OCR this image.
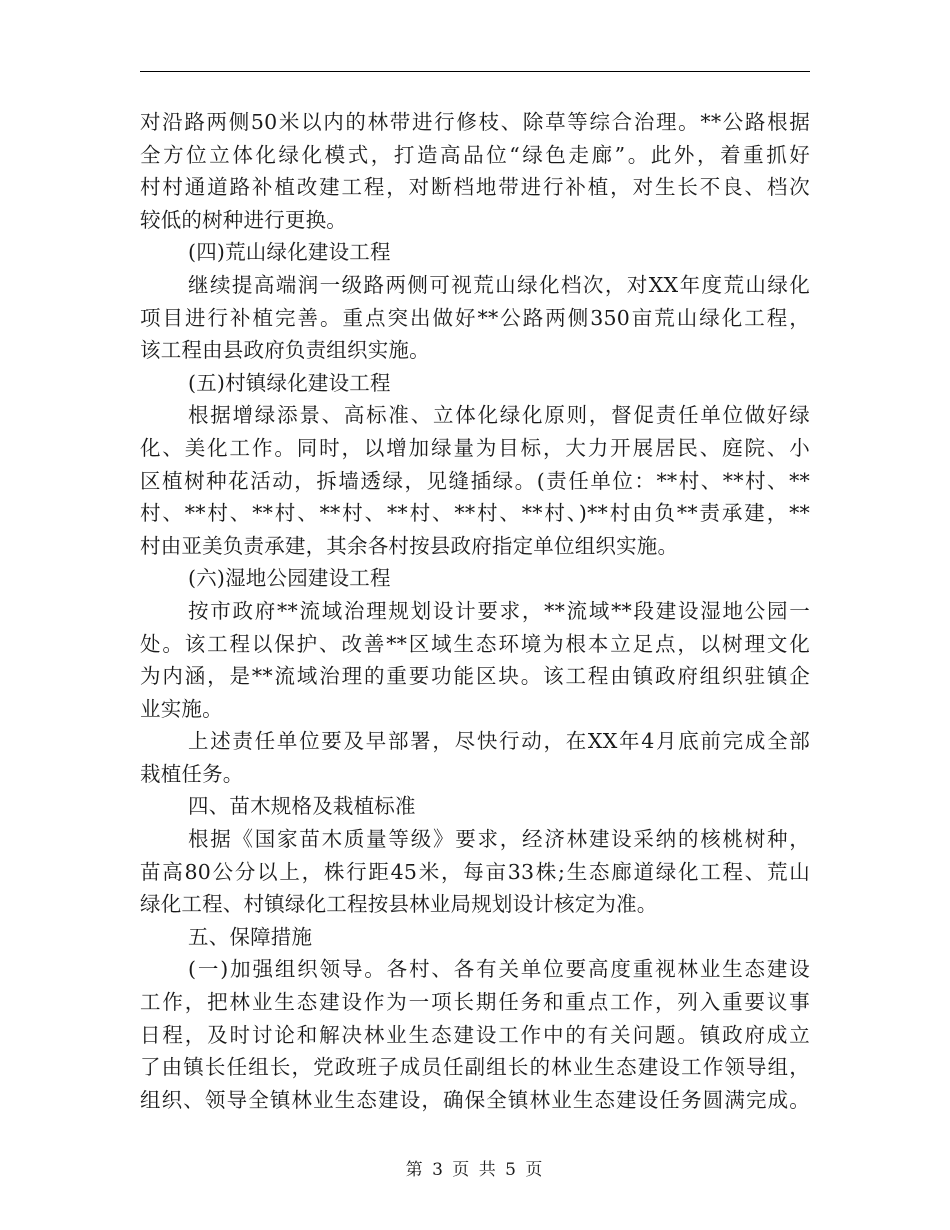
对沿路两侧50米以内的林带进行修枝、除草等综合治理。**公路根据
全方位立体化绿化模式，打造高品位“绿色走廊”。此外，着重抓好
村村通道路补植改建工程，对断档地带进行补植，对生长不良、档次
较低的树种进行更换。
(四)荒山绿化建设工程
继续提高端润一级路两侧可视荒山绿化档次，对XX年度荒山绿化
项目进行补植完善。重点突出做好**公路两侧350亩荒山绿化工程，
该工程由县政府负责组织实施。
(五)村镇绿化建设工程
根据增绿添景、高标准、立体化绿化原则，督促责任单位做好绿
化、美化工作。同时，以增加绿量为目标，大力开展居民、庭院、小
区植树种花活动，拆墙透绿，见缝插绿。(责任单位：**村、**村、**
村、**村、**村、**村、**村、**村、**村、)**村由负**责承建，**
村由亚美负责承建，其余各村按县政府指定单位组织实施。
(六)湿地公园建设工程
按市政府**流域治理规划设计要求，**流域**段建设湿地公园一
处。该工程以保护、改善**区域生态环境为根本立足点，以树理文化
为内涵，是**流域治理的重要功能区块。该工程由镇政府组织驻镇企
业实施。
上述责任单位要及早部署，尽快行动，在XX年4月底前完成全部
栽植任务。
四、苗木规格及栽植标准
根据《国家苗木质量等级》要求，经济林建设采纳的核桃树种，
苗高80公分以上，株行距45米，每亩33株;生态廊道绿化工程、荒山
绿化工程、村镇绿化工程按县林业局规划设计核定为准。
五、保障措施
(一)加强组织领导。各村、各有关单位要高度重视林业生态建设
工作，把林业生态建设作为一项长期任务和重点工作，列入重要议事
日程，及时讨论和解决林业生态建设工作中的有关问题。镇政府成立
了由镇长任组长，党政班子成员任副组长的林业生态建设工作领导组，
组织、领导全镇林业生态建设，确保全镇林业生态建设任务圆满完成。
第 3 页 共 5 页
